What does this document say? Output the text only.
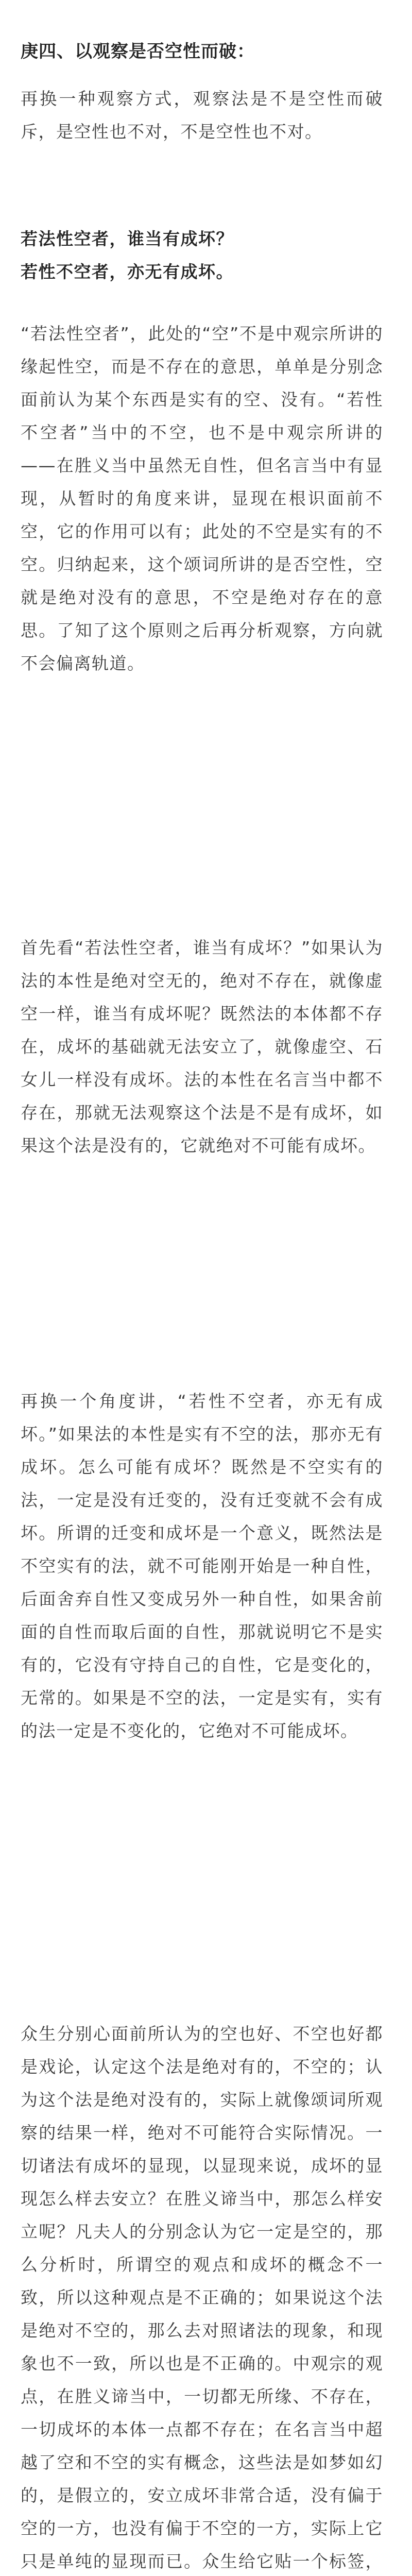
庚四、以观察是否空性而破：

再换一种观察方式，观察法是不是空性而破斥，是空性也不对，不是空性也不对。

若法性空者，谁当有成坏？
若性不空者，亦无有成坏。

“若法性空者”，此处的“空”不是中观宗所讲的缘起性空，而是不存在的意思，单单是分别念面前认为某个东西是实有的空、没有。“若性不空者”当中的不空，也不是中观宗所讲的——在胜义当中虽然无自性，但名言当中有显现，从暂时的角度来讲，显现在根识面前不空，它的作用可以有；此处的不空是实有的不空。归纳起来，这个颂词所讲的是否空性，空就是绝对没有的意思，不空是绝对存在的意思。了知了这个原则之后再分析观察，方向就不会偏离轨道。

首先看“若法性空者，谁当有成坏？”如果认为法的本性是绝对空无的，绝对不存在，就像虚空一样，谁当有成坏呢？既然法的本体都不存在，成坏的基础就无法安立了，就像虚空、石女儿一样没有成坏。法的本性在名言当中都不存在，那就无法观察这个法是不是有成坏，如果这个法是没有的，它就绝对不可能有成坏。

再换一个角度讲，“若性不空者，亦无有成坏。”如果法的本性是实有不空的法，那亦无有成坏。怎么可能有成坏？既然是不空实有的法，一定是没有迁变的，没有迁变就不会有成坏。所谓的迁变和成坏是一个意义，既然法是不空实有的法，就不可能刚开始是一种自性，后面舍弃自性又变成另外一种自性，如果舍前面的自性而取后面的自性，那就说明它不是实有的，它没有守持自己的自性，它是变化的，无常的。如果是不空的法，一定是实有，实有的法一定是不变化的，它绝对不可能成坏。

众生分别心面前所认为的空也好、不空也好都是戏论，认定这个法是绝对有的，不空的；认为这个法是绝对没有的，实际上就像颂词所观察的结果一样，绝对不可能符合实际情况。一切诸法有成坏的显现，以显现来说，成坏的显现怎么样去安立？在胜义谛当中，那怎么样安立呢？凡夫人的分别念认为它一定是空的，那么分析时，所谓空的观点和成坏的概念不一致，所以这种观点是不正确的；如果说这个法是绝对不空的，那么去对照诸法的现象，和现象也不一致，所以也是不正确的。中观宗的观点，在胜义谛当中，一切都无所缘、不存在，一切成坏的本体一点都不存在；在名言当中超越了空和不空的实有概念，这些法是如梦如幻的，是假立的，安立成坏非常合适，没有偏于空的一方，也没有偏于不空的一方，实际上它只是单纯的显现而已。众生给它贴一个标签，
